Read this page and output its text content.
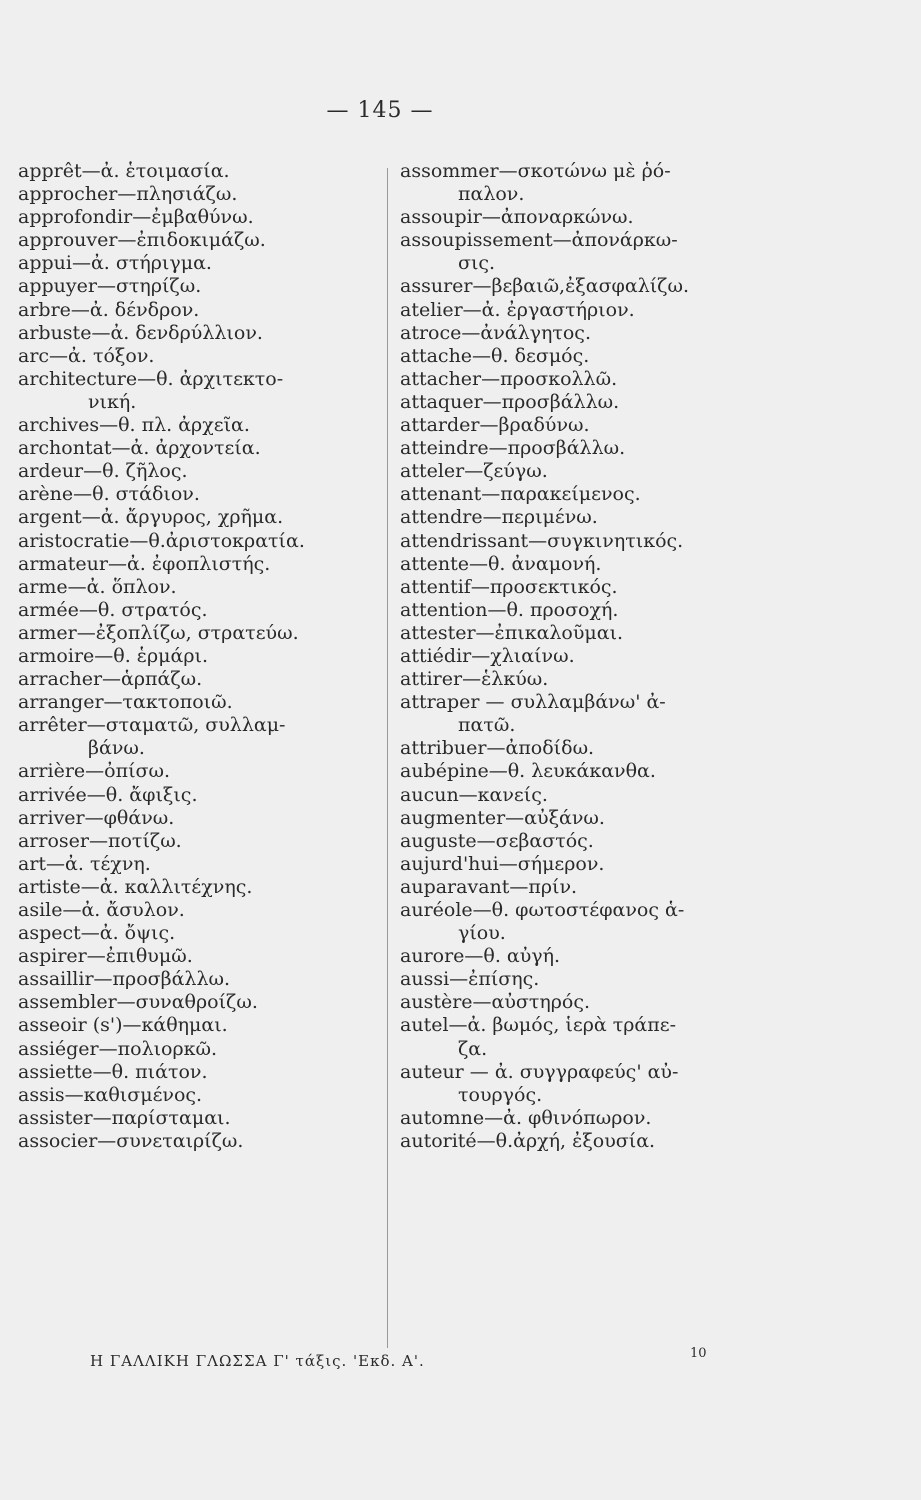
— 145 —
apprêt—ἀ. ἑτοιμασία.
approcher—πλησιάζω.
approfondir—ἐμβαθύνω.
approuver—ἐπιδοκιμάζω.
appui—ἀ. στήριγμα.
appuyer—στηρίζω.
arbre—ἀ. δένδρον.
arbuste—ἀ. δενδρύλλιον.
arc—ἀ. τόξον.
architecture—θ. ἀρχιτεκτο-
νική.
archives—θ. πλ. ἀρχεῖα.
archontat—ἀ. ἀρχοντεία.
ardeur—θ. ζῆλος.
arène—θ. στάδιον.
argent—ἀ. ἄργυρος, χρῆμα.
aristocratie—θ.ἀριστοκρατία.
armateur—ἀ. ἐφοπλιστής.
arme—ἀ. ὅπλον.
armée—θ. στρατός.
armer—ἐξοπλίζω, στρατεύω.
armoire—θ. ἑρμάρι.
arracher—ἁρπάζω.
arranger—τακτοποιῶ.
arrêter—σταματῶ, συλλαμ-
βάνω.
arrière—ὀπίσω.
arrivée—θ. ἄφιξις.
arriver—φθάνω.
arroser—ποτίζω.
art—ἀ. τέχνη.
artiste—ἀ. καλλιτέχνης.
asile—ἀ. ἄσυλον.
aspect—ἀ. ὄψις.
aspirer—ἐπιθυμῶ.
assaillir—προσβάλλω.
assembler—συναθροίζω.
asseoir (s')—κάθημαι.
assiéger—πολιορκῶ.
assiette—θ. πιάτον.
assis—καθισμένος.
assister—παρίσταμαι.
associer—συνεταιρίζω.
assommer—σκοτώνω μὲ ῥό-
παλον.
assoupir—ἀποναρκώνω.
assoupissement—ἀπονάρκω-
σις.
assurer—βεβαιῶ,ἐξασφαλίζω.
atelier—ἀ. ἐργαστήριον.
atroce—ἀνάλγητος.
attache—θ. δεσμός.
attacher—προσκολλῶ.
attaquer—προσβάλλω.
attarder—βραδύνω.
atteindre—προσβάλλω.
atteler—ζεύγω.
attenant—παρακείμενος.
attendre—περιμένω.
attendrissant—συγκινητικός.
attente—θ. ἀναμονή.
attentif—προσεκτικός.
attention—θ. προσοχή.
attester—ἐπικαλοῦμαι.
attiédir—χλιαίνω.
attirer—ἑλκύω.
attraper — συλλαμβάνω' ἀ-
πατῶ.
attribuer—ἀποδίδω.
aubépine—θ. λευκάκανθα.
aucun—κανείς.
augmenter—αὐξάνω.
auguste—σεβαστός.
aujurd'hui—σήμερον.
auparavant—πρίν.
auréole—θ. φωτοστέφανος ἁ-
γίου.
aurore—θ. αὐγή.
aussi—ἐπίσης.
austère—αὐστηρός.
autel—ἀ. βωμός, ἱερὰ τράπε-
ζα.
auteur — ἀ. συγγραφεύς' αὐ-
τουργός.
automne—ἀ. φθινόπωρον.
autorité—θ.ἀρχή, ἐξουσία.
Η ΓΑΛΛΙΚΗ ΓΛΩΣΣΑ Γ' τάξις. 'Εκδ. Α'.	10
